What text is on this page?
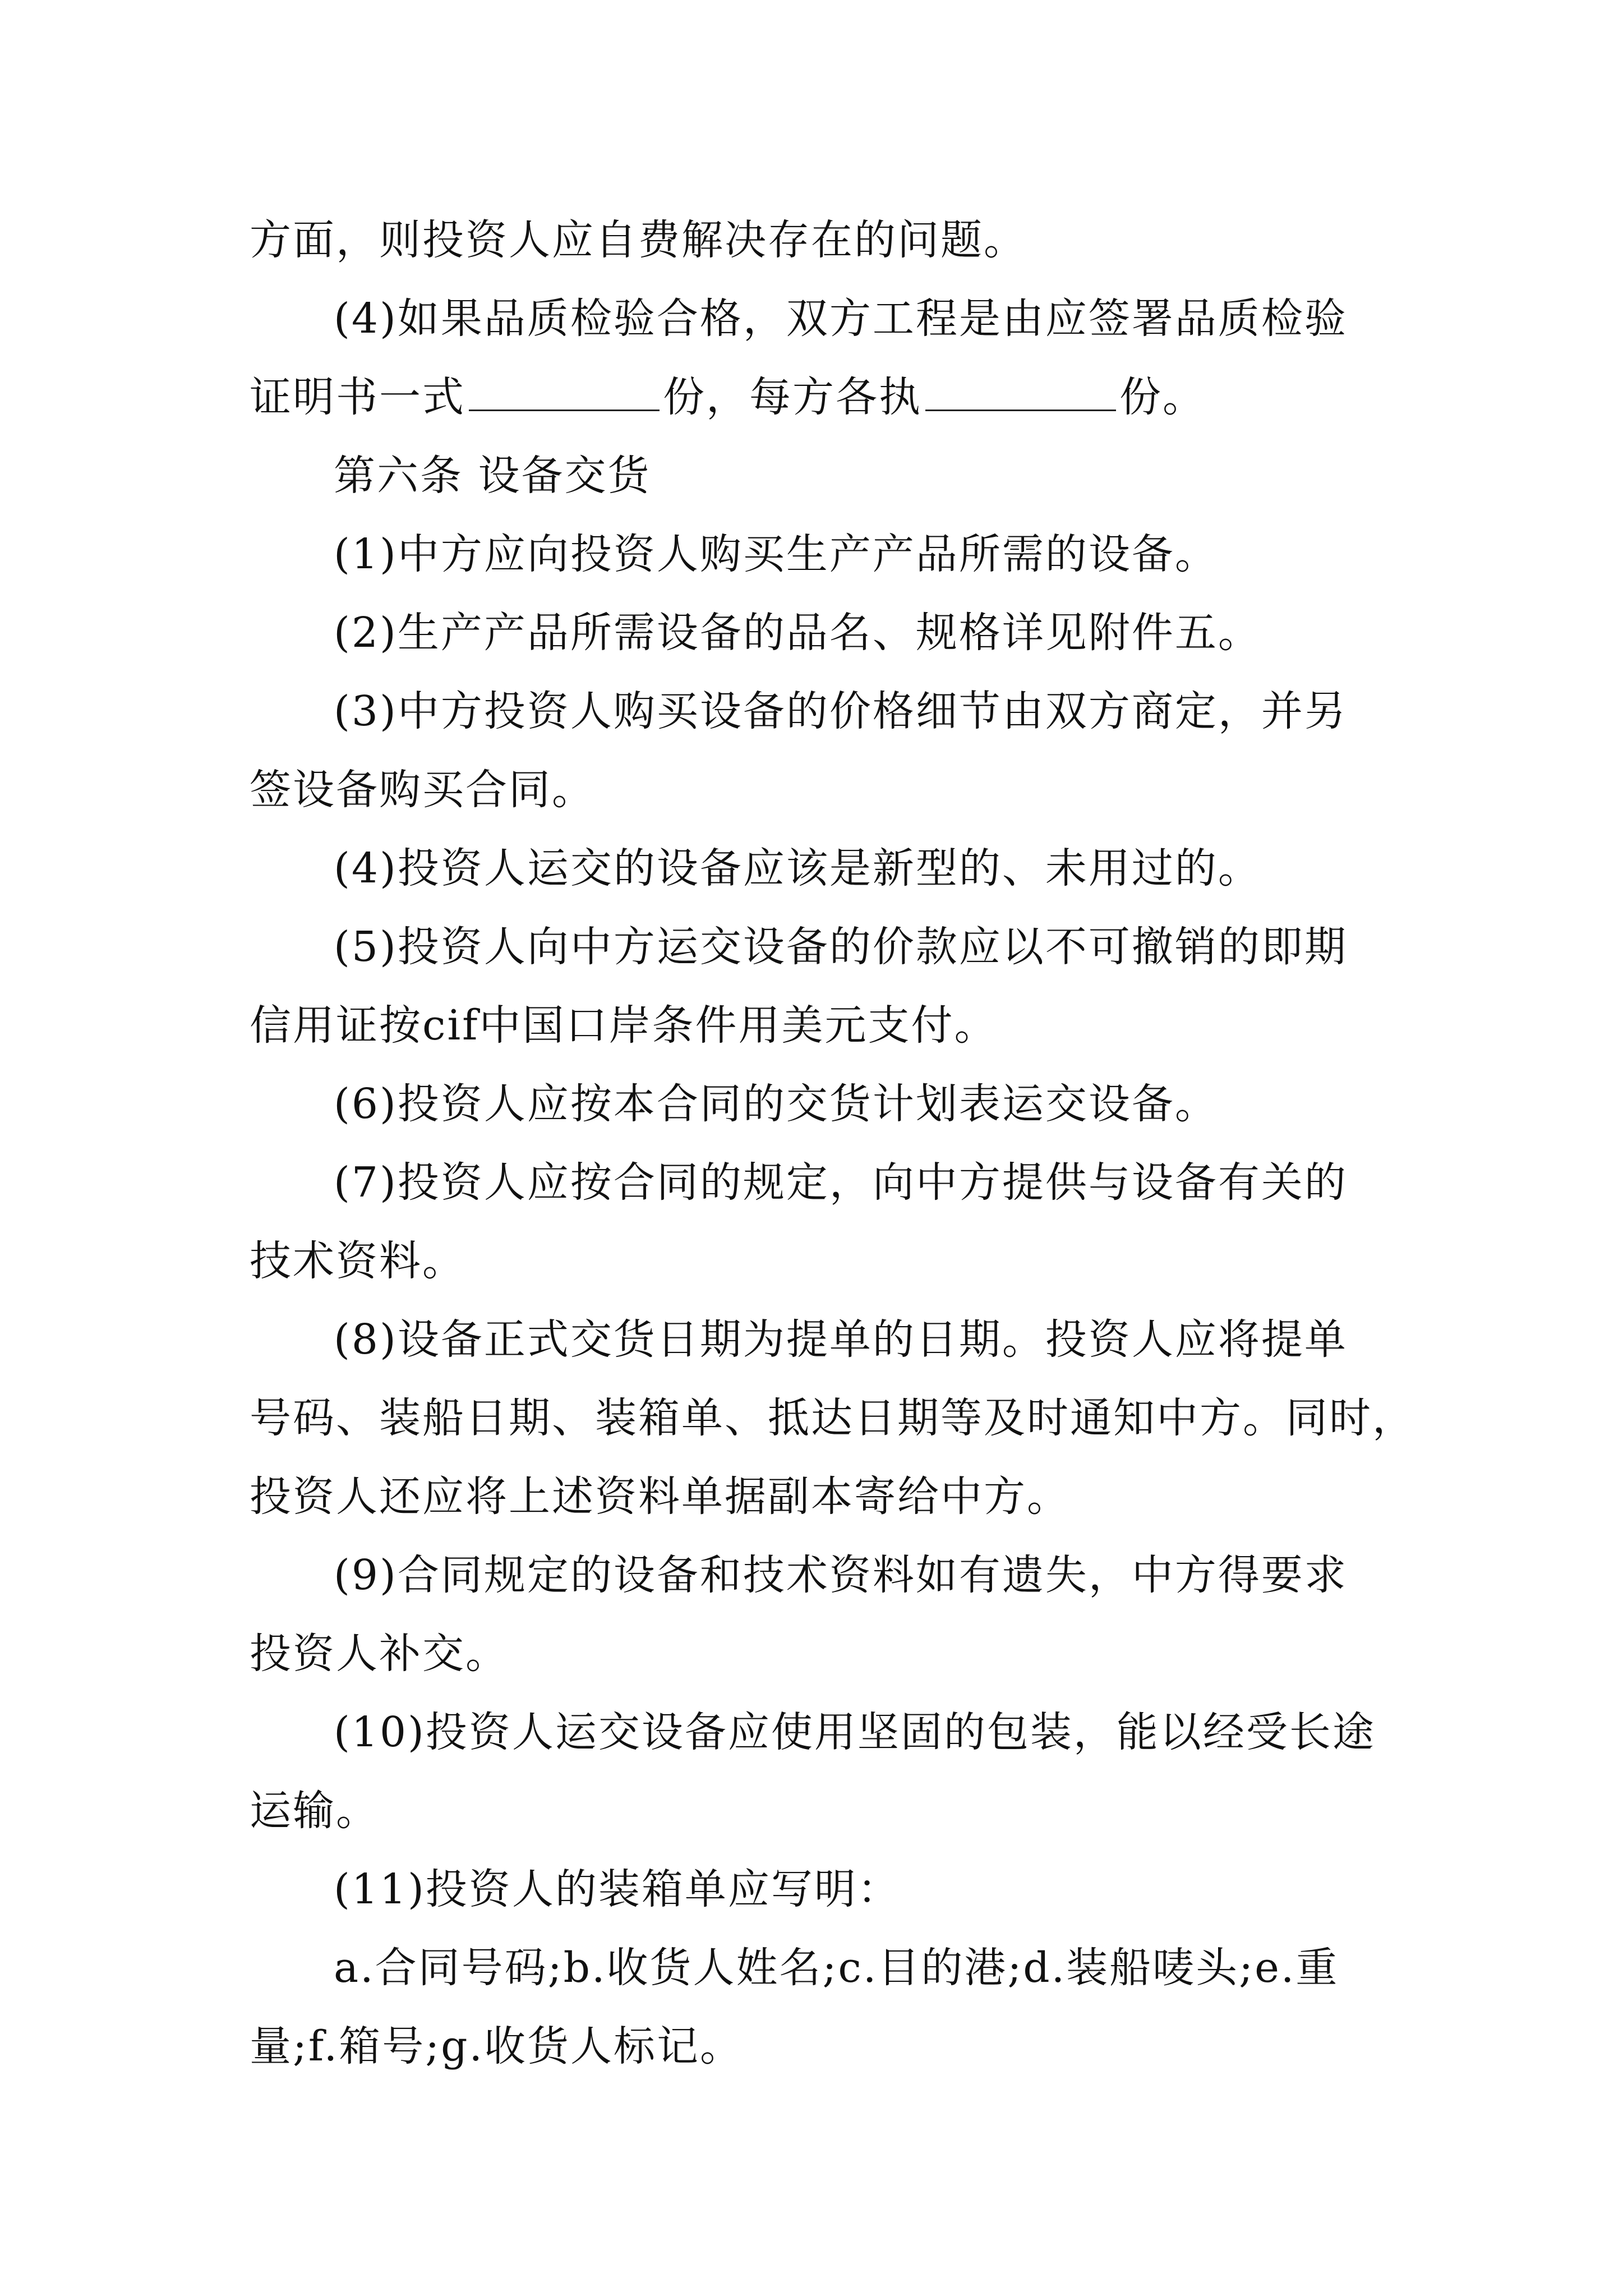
方面，则投资人应自费解决存在的问题。
(4)如果品质检验合格，双方工程是由应签署品质检验
证明书一式	份，每方各执	份。
第六条 设备交货
(1)中方应向投资人购买生产产品所需的设备。
(2)生产产品所需设备的品名、规格详见附件五。
(3)中方投资人购买设备的价格细节由双方商定，并另
签设备购买合同。
(4)投资人运交的设备应该是新型的、未用过的。
(5)投资人向中方运交设备的价款应以不可撤销的即期
信用证按cif中国口岸条件用美元支付。
(6)投资人应按本合同的交货计划表运交设备。
(7)投资人应按合同的规定，向中方提供与设备有关的
技术资料。
(8)设备正式交货日期为提单的日期。投资人应将提单
号码、装船日期、装箱单、抵达日期等及时通知中方。同时，
投资人还应将上述资料单据副本寄给中方。
(9)合同规定的设备和技术资料如有遗失，中方得要求
投资人补交。
(10)投资人运交设备应使用坚固的包装，能以经受长途
运输。
(11)投资人的装箱单应写明：
a.合同号码;b.收货人姓名;c.目的港;d.装船唛头;e.重
量;f.箱号;g.收货人标记。
